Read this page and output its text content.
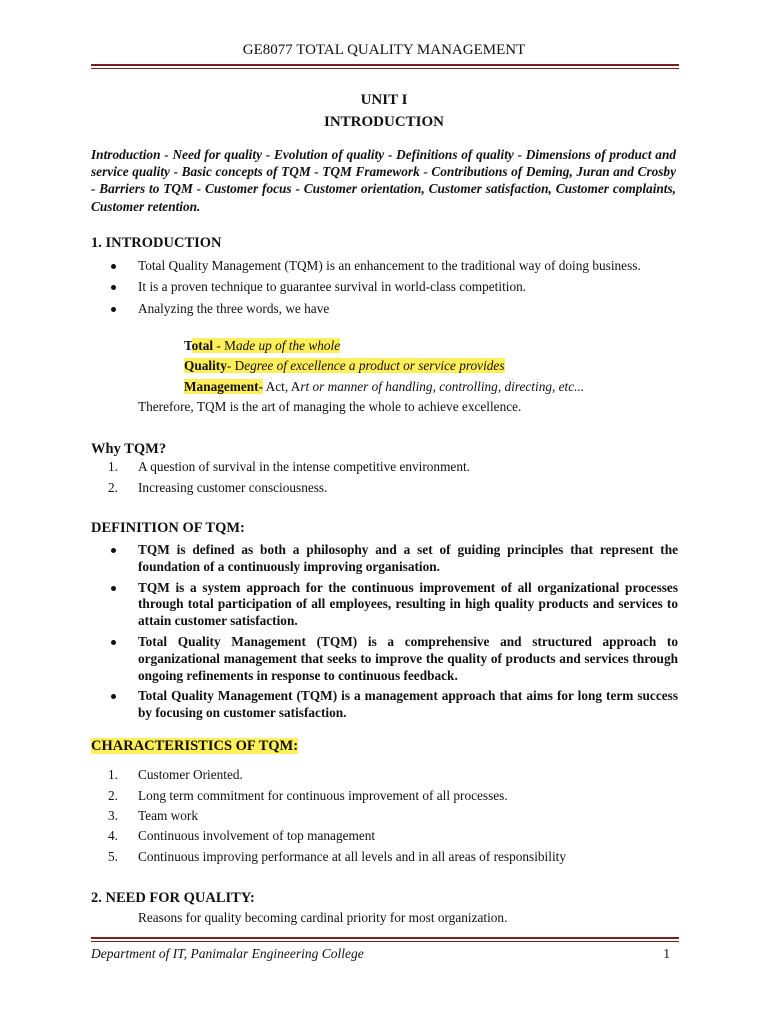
GE8077 TOTAL QUALITY MANAGEMENT
UNIT I
INTRODUCTION
Introduction - Need for quality - Evolution of quality - Definitions of quality - Dimensions of product and service quality - Basic concepts of TQM - TQM Framework - Contributions of Deming, Juran and Crosby - Barriers to TQM - Customer focus - Customer orientation, Customer satisfaction, Customer complaints, Customer retention.
1. INTRODUCTION
Total Quality Management (TQM) is an enhancement to the traditional way of doing business.
It is a proven technique to guarantee survival in world-class competition.
Analyzing the three words, we have
Total - Made up of the whole
Quality- Degree of excellence a product or service provides
Management- Act, Art or manner of handling, controlling, directing, etc...
Therefore, TQM is the art of managing the whole to achieve excellence.
Why TQM?
1. A question of survival in the intense competitive environment.
2. Increasing customer consciousness.
DEFINITION OF TQM:
TQM is defined as both a philosophy and a set of guiding principles that represent the foundation of a continuously improving organisation.
TQM is a system approach for the continuous improvement of all organizational processes through total participation of all employees, resulting in high quality products and services to attain customer satisfaction.
Total Quality Management (TQM) is a comprehensive and structured approach to organizational management that seeks to improve the quality of products and services through ongoing refinements in response to continuous feedback.
Total Quality Management (TQM) is a management approach that aims for long term success by focusing on customer satisfaction.
CHARACTERISTICS OF TQM:
1. Customer Oriented.
2. Long term commitment for continuous improvement of all processes.
3. Team work
4. Continuous involvement of top management
5. Continuous improving performance at all levels and in all areas of responsibility
2. NEED FOR QUALITY:
Reasons for quality becoming cardinal priority for most organization.
Department of IT, Panimalar Engineering College	1
